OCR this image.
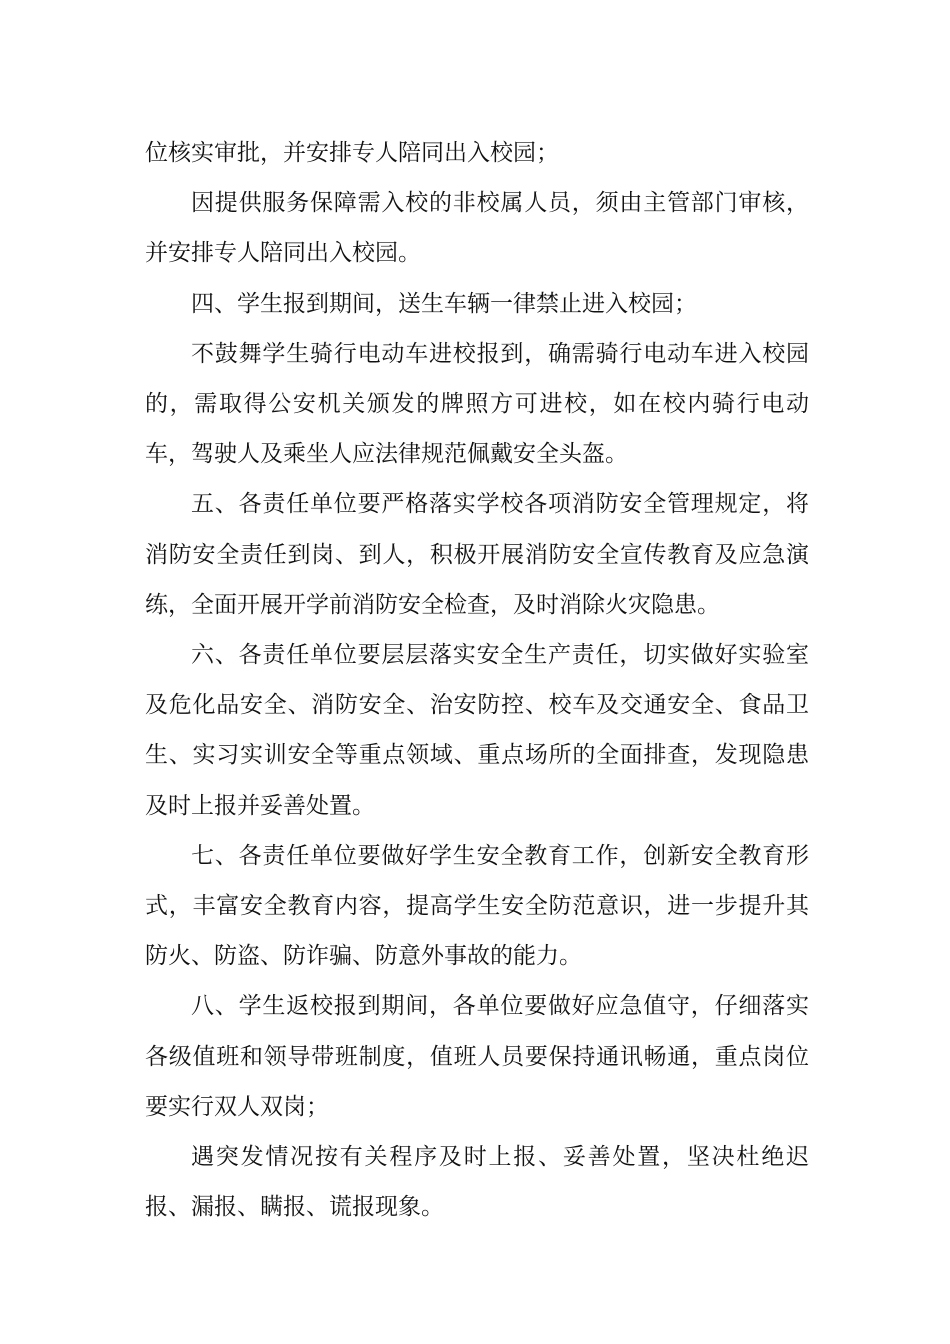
位核实审批，并安排专人陪同出入校园；

因提供服务保障需入校的非校属人员，须由主管部门审核，并安排专人陪同出入校园。

四、学生报到期间，送生车辆一律禁止进入校园；

不鼓舞学生骑行电动车进校报到，确需骑行电动车进入校园的，需取得公安机关颁发的牌照方可进校，如在校内骑行电动车，驾驶人及乘坐人应法律规范佩戴安全头盔。

五、各责任单位要严格落实学校各项消防安全管理规定，将消防安全责任到岗、到人，积极开展消防安全宣传教育及应急演练，全面开展开学前消防安全检查，及时消除火灾隐患。

六、各责任单位要层层落实安全生产责任，切实做好实验室及危化品安全、消防安全、治安防控、校车及交通安全、食品卫生、实习实训安全等重点领域、重点场所的全面排查，发现隐患及时上报并妥善处置。

七、各责任单位要做好学生安全教育工作，创新安全教育形式，丰富安全教育内容，提高学生安全防范意识，进一步提升其防火、防盗、防诈骗、防意外事故的能力。

八、学生返校报到期间，各单位要做好应急值守，仔细落实各级值班和领导带班制度，值班人员要保持通讯畅通，重点岗位要实行双人双岗；

遇突发情况按有关程序及时上报、妥善处置，坚决杜绝迟报、漏报、瞒报、谎报现象。
